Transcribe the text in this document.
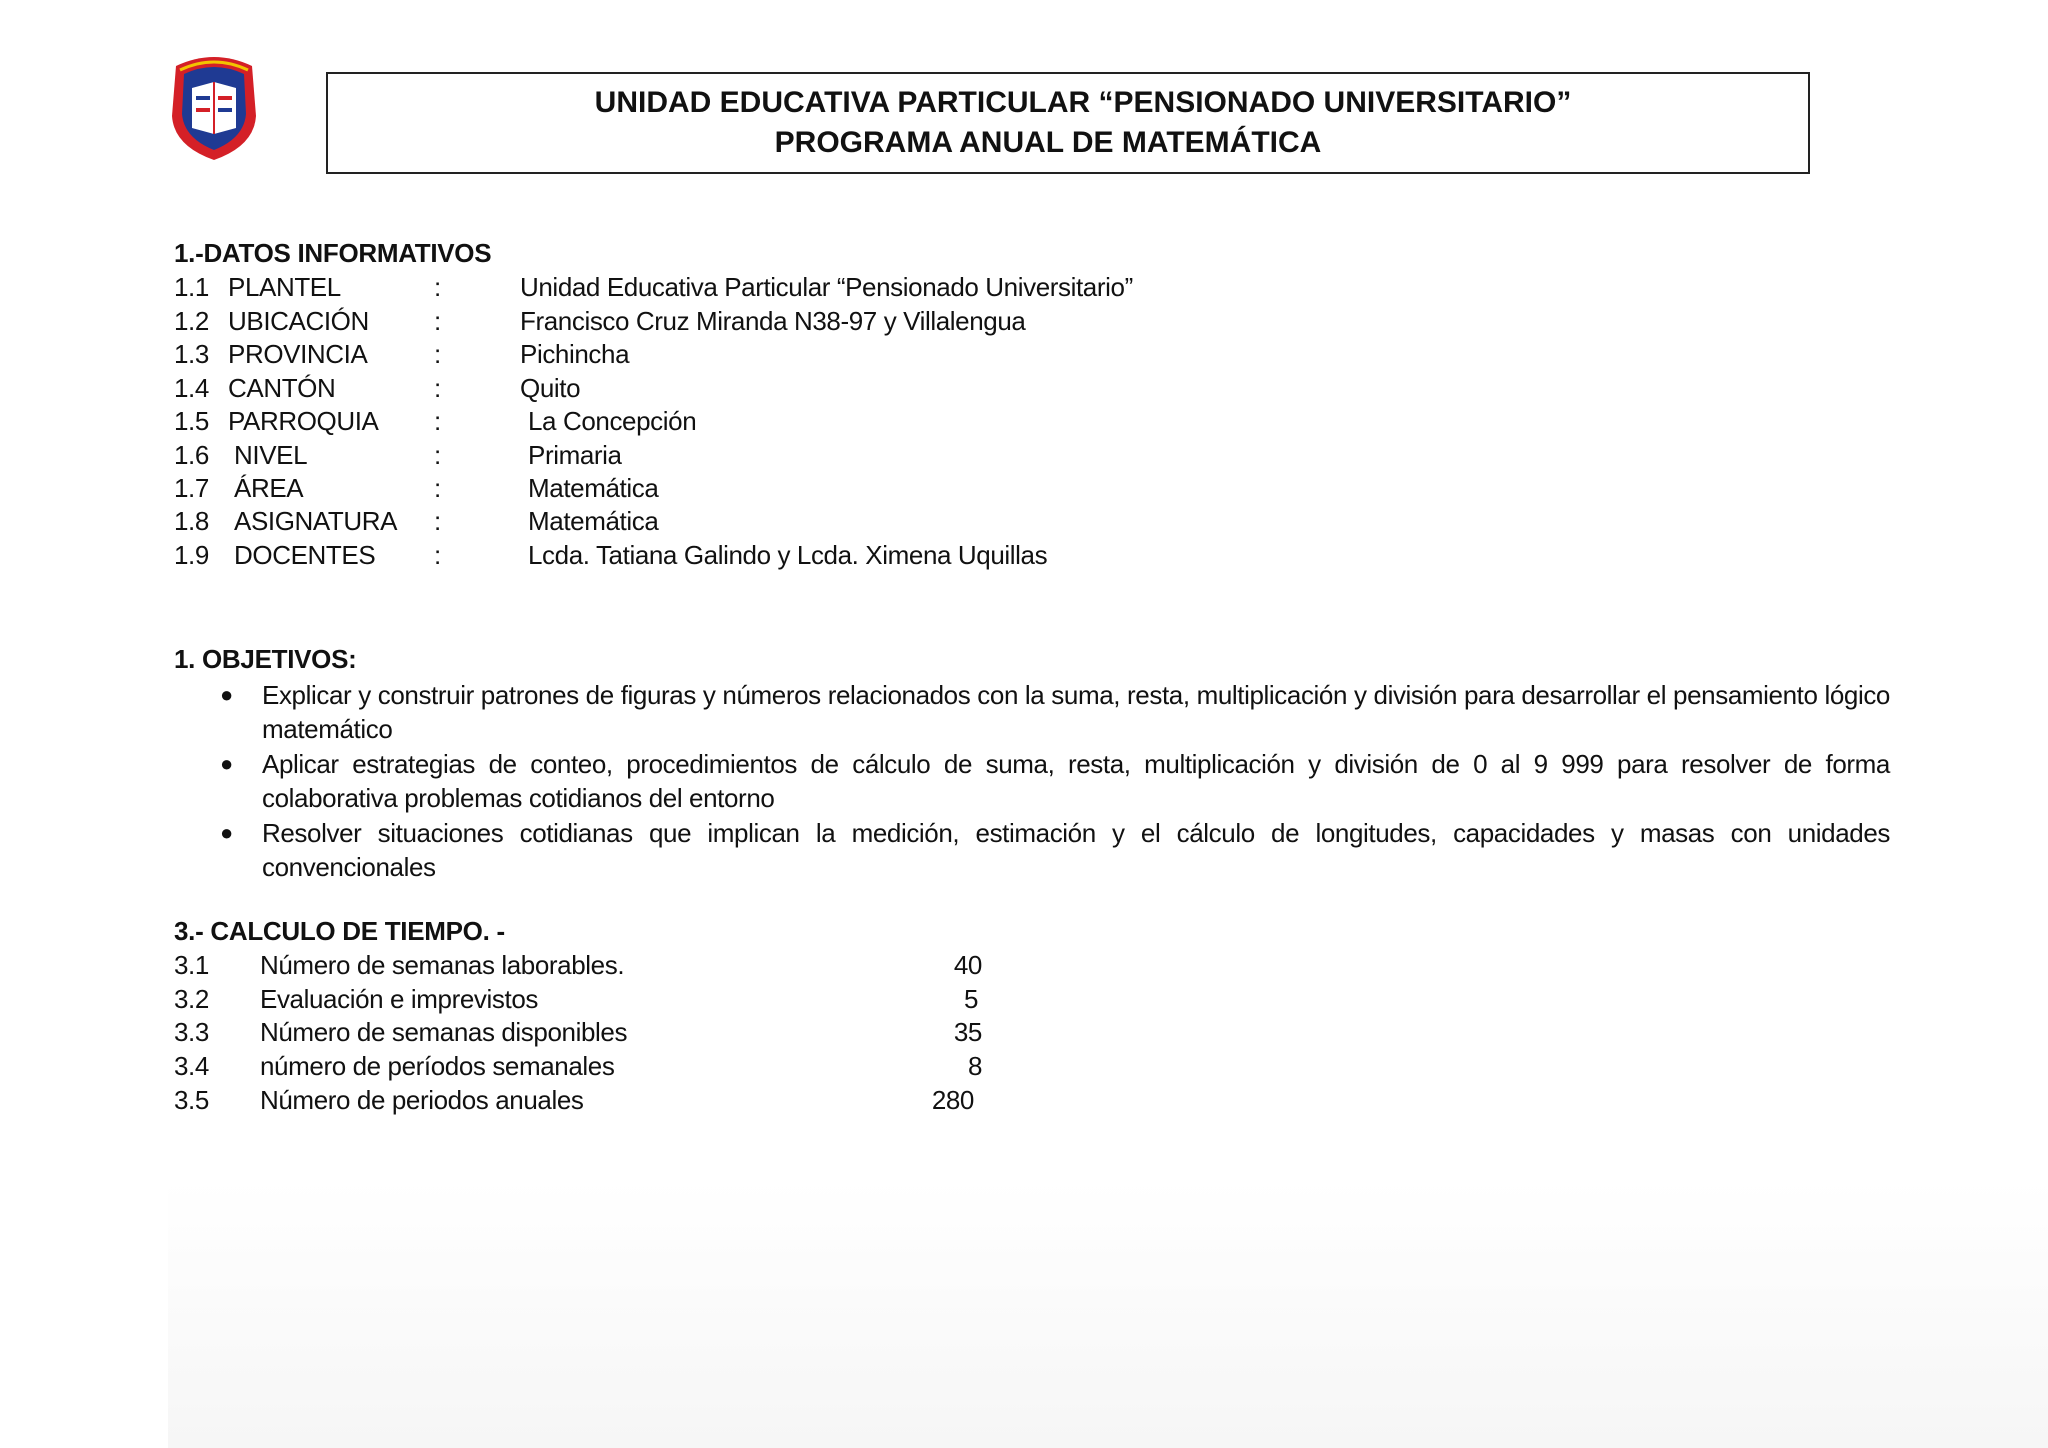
UNIDAD EDUCATIVA PARTICULAR “PENSIONADO UNIVERSITARIO”
PROGRAMA ANUAL DE MATEMÁTICA
1.-DATOS INFORMATIVOS
1.1 PLANTEL	:	Unidad Educativa Particular “Pensionado Universitario”
1.2 UBICACIÓN	:	Francisco Cruz Miranda N38-97 y Villalengua
1.3 PROVINCIA	:	Pichincha
1.4 CANTÓN	:	Quito
1.5 PARROQUIA :	La Concepción
1.6 NIVEL	:	Primaria
1.7 ÁREA	:	Matemática
1.8 ASIGNATURA :	Matemática
1.9 DOCENTES :	Lcda. Tatiana Galindo y Lcda. Ximena Uquillas
1. OBJETIVOS:
● Explicar y construir patrones de figuras y números relacionados con la suma, resta, multiplicación y división para desarrollar el pensamiento lógico matemático
● Aplicar estrategias de conteo, procedimientos de cálculo de suma, resta, multiplicación y división de 0 al 9 999 para resolver de forma colaborativa problemas cotidianos del entorno
● Resolver situaciones cotidianas que implican la medición, estimación y el cálculo de longitudes, capacidades y masas con unidades convencionales
3.- CALCULO DE TIEMPO. -
3.1 Número de semanas laborables.	40
3.2 Evaluación e imprevistos	5
3.3 Número de semanas disponibles	35
3.4 número de períodos semanales	8
3.5 Número de periodos anuales	280
